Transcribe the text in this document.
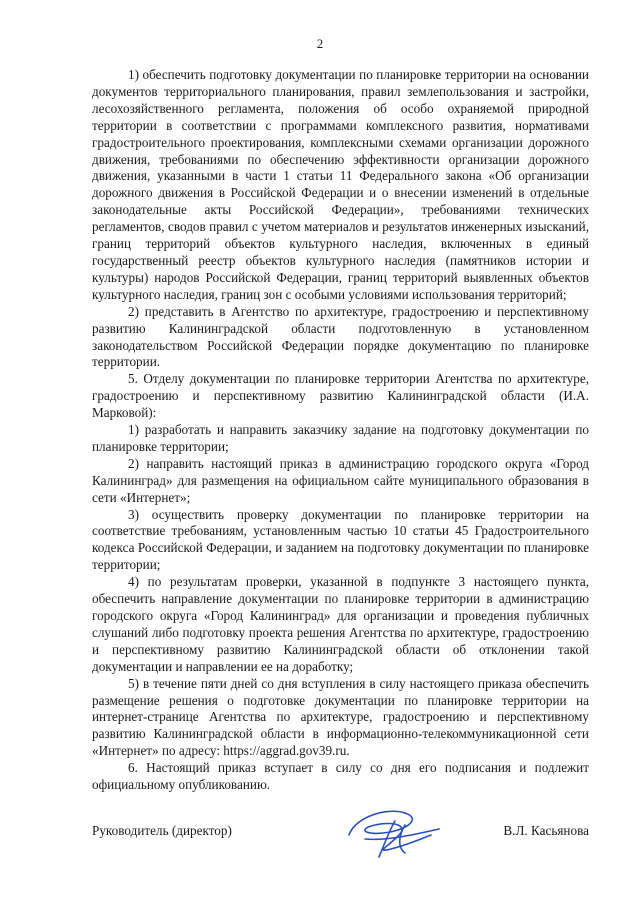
2

1) обеспечить подготовку документации по планировке территории на основании документов территориального планирования, правил землепользования и застройки, лесохозяйственного регламента, положения об особо охраняемой природной территории в соответствии с программами комплексного развития, нормативами градостроительного проектирования, комплексными схемами организации дорожного движения, требованиями по обеспечению эффективности организации дорожного движения, указанными в части 1 статьи 11 Федерального закона «Об организации дорожного движения в Российской Федерации и о внесении изменений в отдельные законодательные акты Российской Федерации», требованиями технических регламентов, сводов правил с учетом материалов и результатов инженерных изысканий, границ территорий объектов культурного наследия, включенных в единый государственный реестр объектов культурного наследия (памятников истории и культуры) народов Российской Федерации, границ территорий выявленных объектов культурного наследия, границ зон с особыми условиями использования территорий;

2) представить в Агентство по архитектуре, градостроению и перспективному развитию Калининградской области подготовленную в установленном законодательством Российской Федерации порядке документацию по планировке территории.

5. Отделу документации по планировке территории Агентства по архитектуре, градостроению и перспективному развитию Калининградской области (И.А. Марковой):

1) разработать и направить заказчику задание на подготовку документации по планировке территории;

2) направить настоящий приказ в администрацию городского округа «Город Калининград» для размещения на официальном сайте муниципального образования в сети «Интернет»;

3) осуществить проверку документации по планировке территории на соответствие требованиям, установленным частью 10 статьи 45 Градостроительного кодекса Российской Федерации, и заданием на подготовку документации по планировке территории;

4) по результатам проверки, указанной в подпункте 3 настоящего пункта, обеспечить направление документации по планировке территории в администрацию городского округа «Город Калининград» для организации и проведения публичных слушаний либо подготовку проекта решения Агентства по архитектуре, градостроению и перспективному развитию Калининградской области об отклонении такой документации и направлении ее на доработку;

5) в течение пяти дней со дня вступления в силу настоящего приказа обеспечить размещение решения о подготовке документации по планировке территории на интернет-странице Агентства по архитектуре, градостроению и перспективному развитию Калининградской области в информационно-телекоммуникационной сети «Интернет» по адресу: https://aggrad.gov39.ru.

6. Настоящий приказ вступает в силу со дня его подписания и подлежит официальному опубликованию.

Руководитель (директор)	В.Л. Касьянова
